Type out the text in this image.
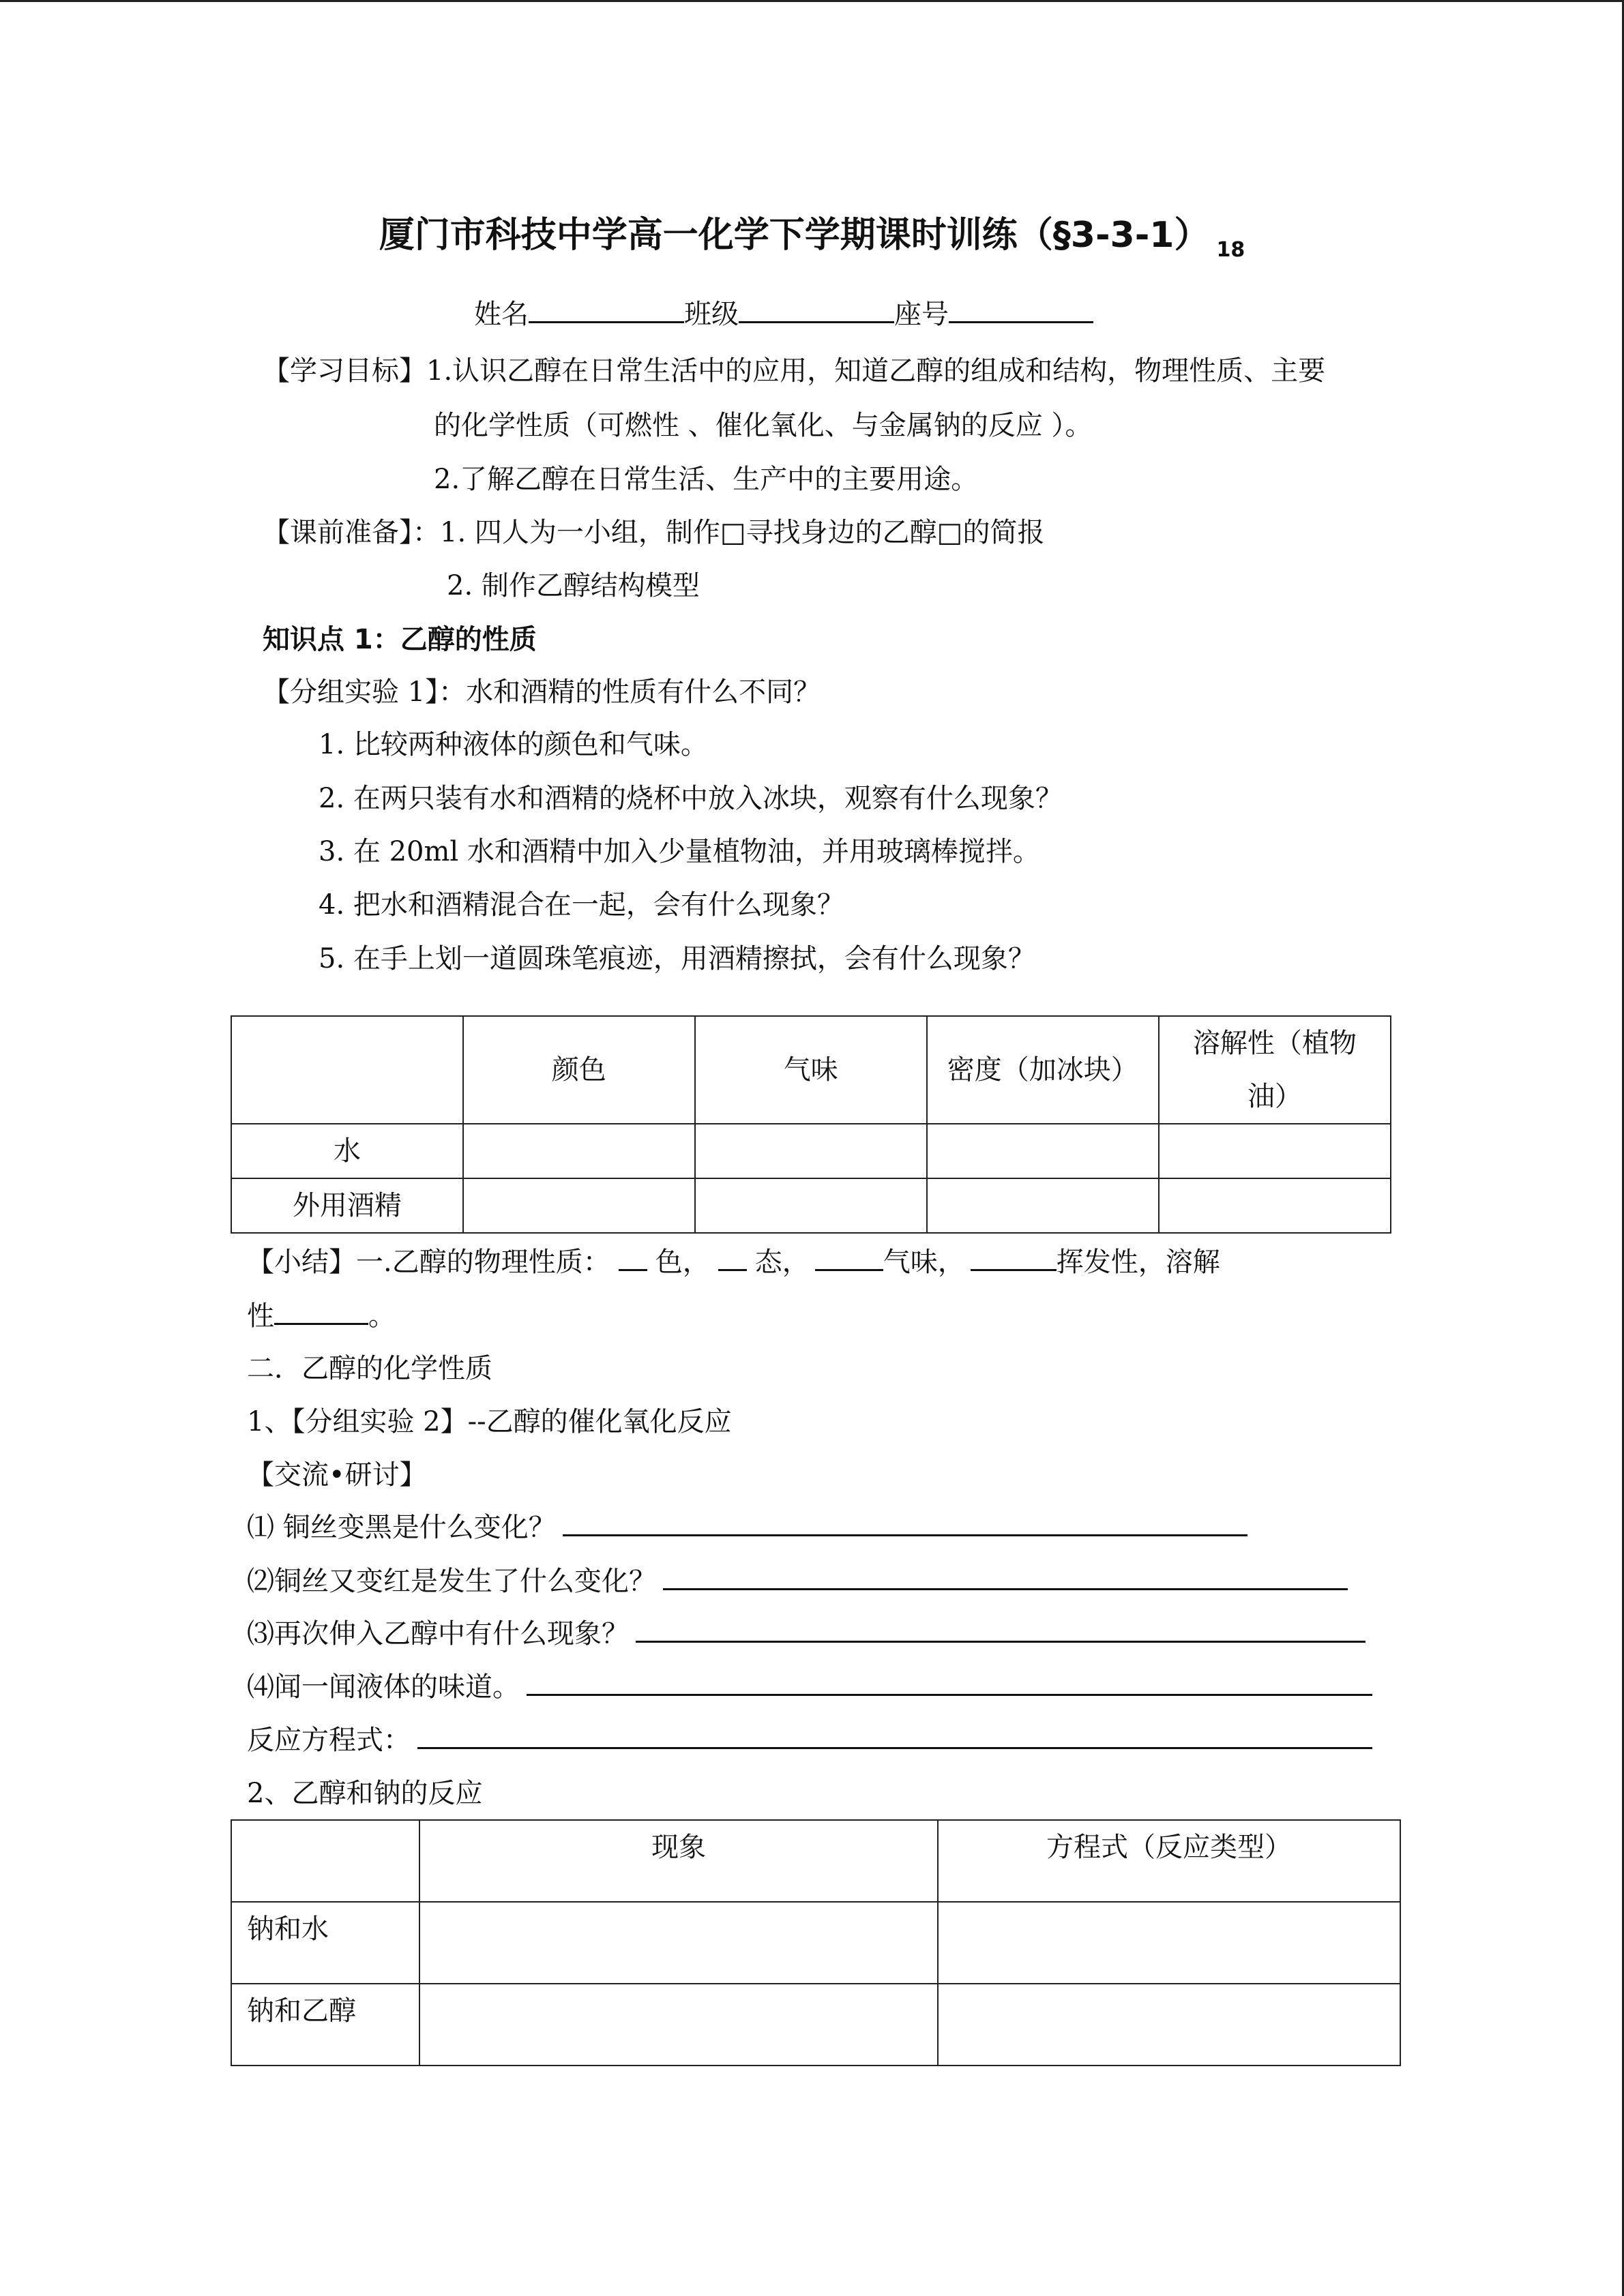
厦门市科技中学高一化学下学期课时训练（§3-3-1） $_{18}$
姓名	班级	座号
【学习目标】1.认识乙醇在日常生活中的应用，知道乙醇的组成和结构，物理性质、主要
的化学性质（可燃性 、催化氧化、与金属钠的反应 ）。
2.了解乙醇在日常生活、生产中的主要用途。
【课前准备】：1. 四人为一小组，制作□寻找身边的乙醇□的简报
2. 制作乙醇结构模型
知识点 1：乙醇的性质
【分组实验 1】：水和酒精的性质有什么不同？
1. 比较两种液体的颜色和气味。
2. 在两只装有水和酒精的烧杯中放入冰块，观察有什么现象？
3. 在 20ml 水和酒精中加入少量植物油，并用玻璃棒搅拌。
4. 把水和酒精混合在一起，会有什么现象？
5. 在手上划一道圆珠笔痕迹，用酒精擦拭，会有什么现象？
	颜色	气味	密度（加冰块）	溶解性（植物
油）

水				
外用酒精				
【小结】一.乙醇的物理性质： 色， 态，	气味，	挥发性，溶解
性	。
二．乙醇的化学性质
1、【分组实验 2】--乙醇的催化氧化反应
【交流•研讨】
⑴ 铜丝变黑是什么变化？
⑵铜丝又变红是发生了什么变化？
⑶再次伸入乙醇中有什么现象？
⑷闻一闻液体的味道。
反应方程式：
2、乙醇和钠的反应
	现象	方程式（反应类型）
钠和水		
钠和乙醇		
